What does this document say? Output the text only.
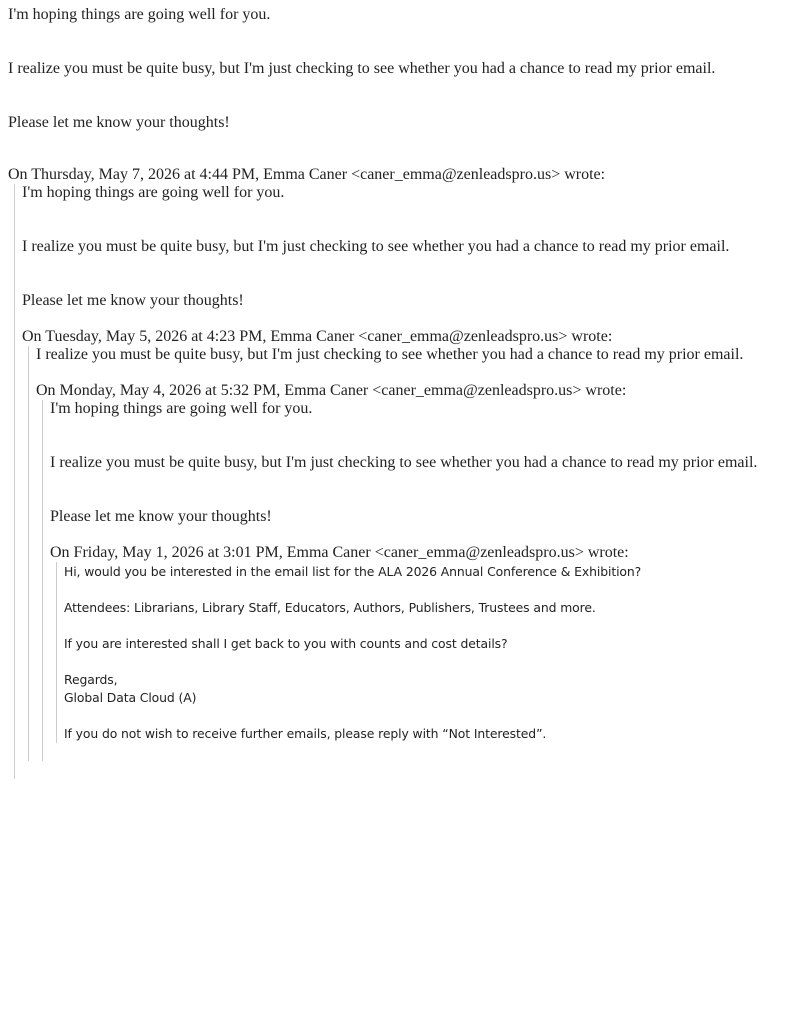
I'm hoping things are going well for you.

I realize you must be quite busy, but I'm just checking to see whether you had a chance to read my prior email.

Please let me know your thoughts!

On Thursday, May 7, 2026 at 4:44 PM, Emma Caner <caner_emma@zenleadspro.us> wrote:

I'm hoping things are going well for you.

I realize you must be quite busy, but I'm just checking to see whether you had a chance to read my prior email.

Please let me know your thoughts!

On Tuesday, May 5, 2026 at 4:23 PM, Emma Caner <caner_emma@zenleadspro.us> wrote:

I realize you must be quite busy, but I'm just checking to see whether you had a chance to read my prior email.

On Monday, May 4, 2026 at 5:32 PM, Emma Caner <caner_emma@zenleadspro.us> wrote:

I'm hoping things are going well for you.

I realize you must be quite busy, but I'm just checking to see whether you had a chance to read my prior email.

Please let me know your thoughts!

On Friday, May 1, 2026 at 3:01 PM, Emma Caner <caner_emma@zenleadspro.us> wrote:

Hi, would you be interested in the email list for the ALA 2026 Annual Conference & Exhibition?

Attendees: Librarians, Library Staff, Educators, Authors, Publishers, Trustees and more.

If you are interested shall I get back to you with counts and cost details?

Regards,

Global Data Cloud (A)

If you do not wish to receive further emails, please reply with “Not Interested”.
